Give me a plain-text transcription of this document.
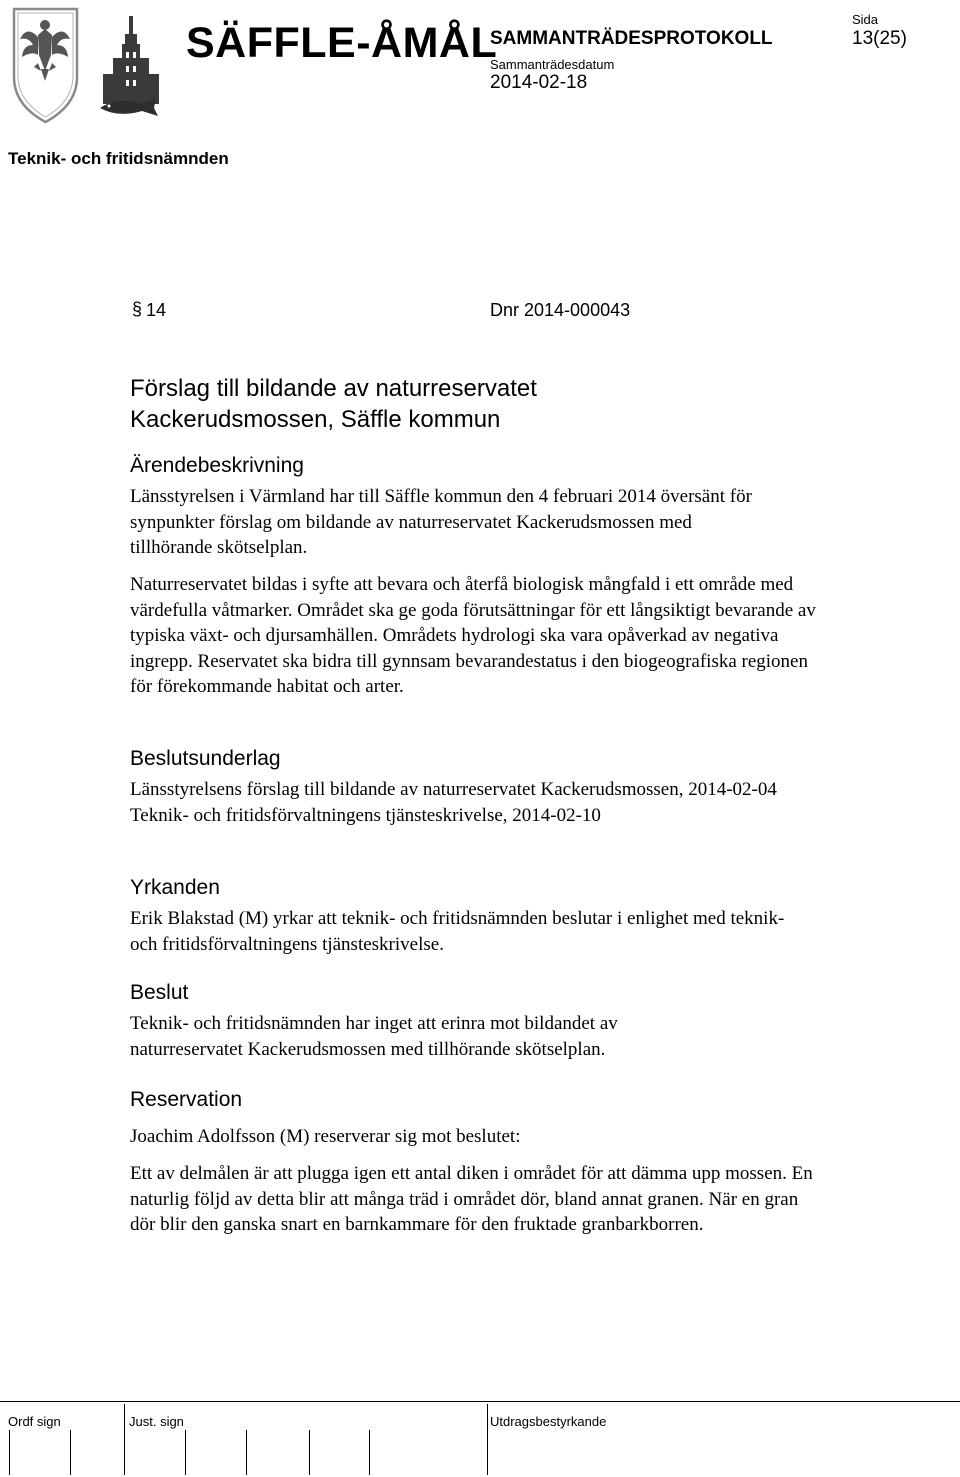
SÄFFLE-ÅMÅL
SAMMANTRÄDESPROTOKOLL
Sammanträdesdatum
2014-02-18
Sida
13(25)
Teknik- och fritidsnämnden
§ 14	Dnr 2014-000043
Förslag till bildande av naturreservatet
Kackerudsmossen, Säffle kommun
Ärendebeskrivning
Länsstyrelsen i Värmland har till Säffle kommun den 4 februari 2014 översänt för synpunkter förslag om bildande av naturreservatet Kackerudsmossen med tillhörande skötselplan.
Naturreservatet bildas i syfte att bevara och återfå biologisk mångfald i ett område med värdefulla våtmarker. Området ska ge goda förutsättningar för ett långsiktigt bevarande av typiska växt- och djursamhällen. Områdets hydrologi ska vara opåverkad av negativa ingrepp. Reservatet ska bidra till gynnsam bevarandestatus i den biogeografiska regionen för förekommande habitat och arter.
Beslutsunderlag

Länsstyrelsens förslag till bildande av naturreservatet Kackerudsmossen, 2014-02-04

Teknik- och fritidsförvaltningens tjänsteskrivelse, 2014-02-10

Yrkanden
Erik Blakstad (M) yrkar att teknik- och fritidsnämnden beslutar i enlighet med teknik- och fritidsförvaltningens tjänsteskrivelse.
Beslut
Teknik- och fritidsnämnden har inget att erinra mot bildandet av naturreservatet Kackerudsmossen med tillhörande skötselplan.
Reservation
Joachim Adolfsson (M) reserverar sig mot beslutet:
Ett av delmålen är att plugga igen ett antal diken i området för att dämma upp mossen. En naturlig följd av detta blir att många träd i området dör, bland annat granen. När en gran dör blir den ganska snart en barnkammare för den fruktade granbarkborren.
Ordf sign	Just. sign	Utdragsbestyrkande
